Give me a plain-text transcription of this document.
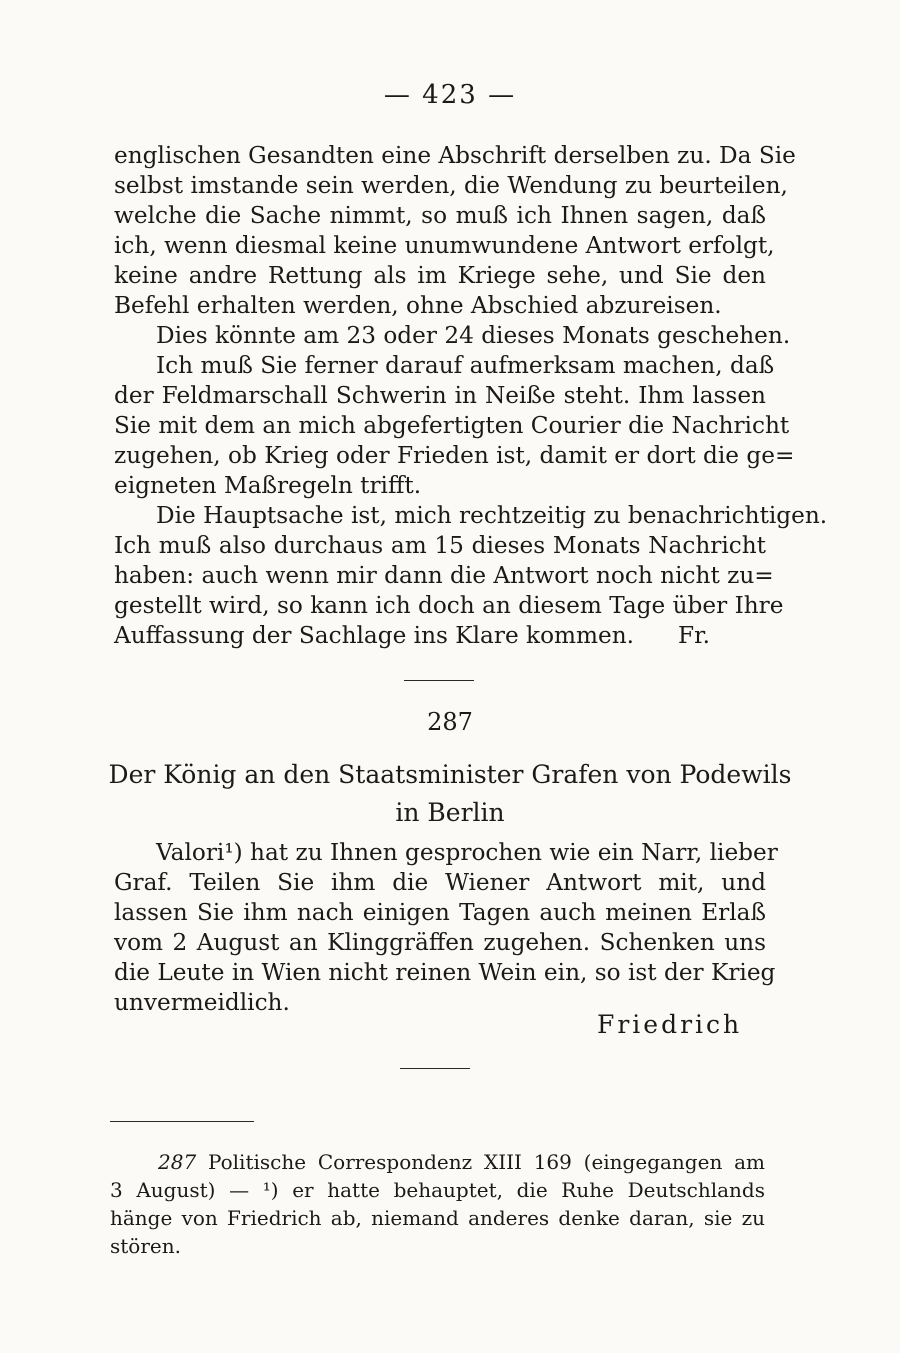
— 423 —
englischen Gesandten eine Abschrift derselben zu. Da Sie
selbst imstande sein werden, die Wendung zu beurteilen,
welche die Sache nimmt, so muß ich Ihnen sagen, daß
ich, wenn diesmal keine unumwundene Antwort erfolgt,
keine andre Rettung als im Kriege sehe, und Sie den
Befehl erhalten werden, ohne Abschied abzureisen.
Dies könnte am 23 oder 24 dieses Monats geschehen.
Ich muß Sie ferner darauf aufmerksam machen, daß
der Feldmarschall Schwerin in Neiße steht. Ihm lassen
Sie mit dem an mich abgefertigten Courier die Nachricht
zugehen, ob Krieg oder Frieden ist, damit er dort die ge=
eigneten Maßregeln trifft.
Die Hauptsache ist, mich rechtzeitig zu benachrichtigen.
Ich muß also durchaus am 15 dieses Monats Nachricht
haben: auch wenn mir dann die Antwort noch nicht zu=
gestellt wird, so kann ich doch an diesem Tage über Ihre
Auffassung der Sachlage ins Klare kommen. Fr.
287
Der König an den Staatsminister Grafen von Podewils
in Berlin
Valori¹) hat zu Ihnen gesprochen wie ein Narr, lieber
Graf. Teilen Sie ihm die Wiener Antwort mit, und
lassen Sie ihm nach einigen Tagen auch meinen Erlaß
vom 2 August an Klinggräffen zugehen. Schenken uns
die Leute in Wien nicht reinen Wein ein, so ist der Krieg
unvermeidlich.
Friedrich
287 Politische Correspondenz XIII 169 (eingegangen am
3 August) — ¹) er hatte behauptet, die Ruhe Deutschlands
hänge von Friedrich ab, niemand anderes denke daran, sie zu
stören.
